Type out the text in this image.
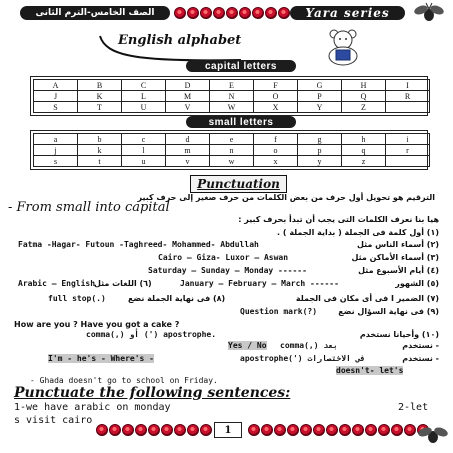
الصف الخامس-الترم الثانى	Yara series
English alphabet
capital letters
A	B	C	D	E	F	G	H	I
J	K	L	M	N	O	P	Q	R
S	T	U	V	W	X	Y	Z	
small letters
a	b	c	d	e	f	g	h	i
j	k	l	m	n	o	p	q	r
s	t	u	v	w	x	y	z	
Punctuation
الترقيم هو تحويل أول حرف من بعض الكلمات من حرف صغير إلى حرف كبير
- From small into capital
هيا بنا نعرف الكلمات التى يجب أن تبدأ بحرف كبير :
(١) أول كلمة فى الجملة ( بداية الجملة ) .
Fatma -Hagar- Futoun -Taghreed- Mohammed- Abdullah	(٢) أسماء الناس مثل
Cairo – Giza- Luxor – Aswan	(٣) أسماء الأماكن مثل
Saturday – Sunday – Monday ------	(٤) أيام الأسبوع مثل
Arabic – English
(٦) اللغات مثل	January – February – March ------	(٥) الشهور
full stop(.)	(٨) فى نهاية الجملة نضع	(٧) الضمير I فى أى مكان فى الجملة
Question mark(?)	(٩) فى نهاية السؤال نضع
How are you ? Have you got a cake ?
comma(,) أو (') apostrophe.	(١٠) وأحيانا نستخدم
Yes / No comma(,) بعد	- نستخدم
I'm - he's - Where's -	apostrophe(') فى الاختصارات	- نستخدم
doesn't- let's
- Ghada doesn't go to school on Friday.
Punctuate the following sentences:
1-we have arabic on monday	2-let
s visit cairo
1
